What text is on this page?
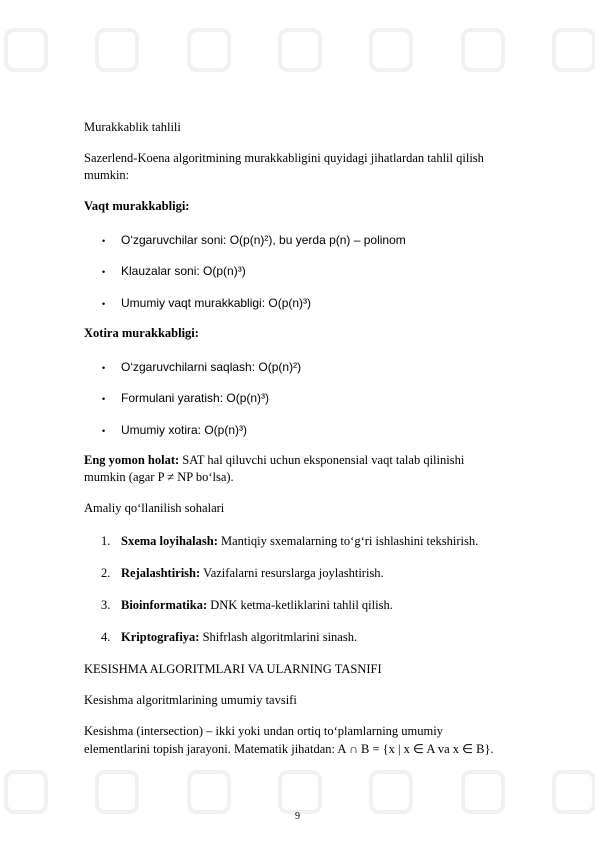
Murakkablik tahlili
Sazerlend-Koena algoritmining murakkabligini quyidagi jihatlardan tahlil qilish
mumkin:
Vaqt murakkabligi:
• O‘zgaruvchilar soni: O(p(n)²), bu yerda p(n) – polinom
• Klauzalar soni: O(p(n)³)
• Umumiy vaqt murakkabligi: O(p(n)³)
Xotira murakkabligi:
• O‘zgaruvchilarni saqlash: O(p(n)²)
• Formulani yaratish: O(p(n)³)
• Umumiy xotira: O(p(n)³)
Eng yomon holat: SAT hal qiluvchi uchun eksponensial vaqt talab qilinishi
mumkin (agar P ≠ NP bo‘lsa).
Amaliy qo‘llanilish sohalari
1. Sxema loyihalash: Mantiqiy sxemalarning to‘g‘ri ishlashini tekshirish.
2. Rejalashtirish: Vazifalarni resurslarga joylashtirish.
3. Bioinformatika: DNK ketma-ketliklarini tahlil qilish.
4. Kriptografiya: Shifrlash algoritmlarini sinash.
KESISHMA ALGORITMLARI VA ULARNING TASNIFI
Kesishma algoritmlarining umumiy tavsifi
Kesishma (intersection) – ikki yoki undan ortiq to‘plamlarning umumiy
elementlarini topish jarayoni. Matematik jihatdan: A ∩ B = {x | x ∈ A va x ∈ B}.
9
